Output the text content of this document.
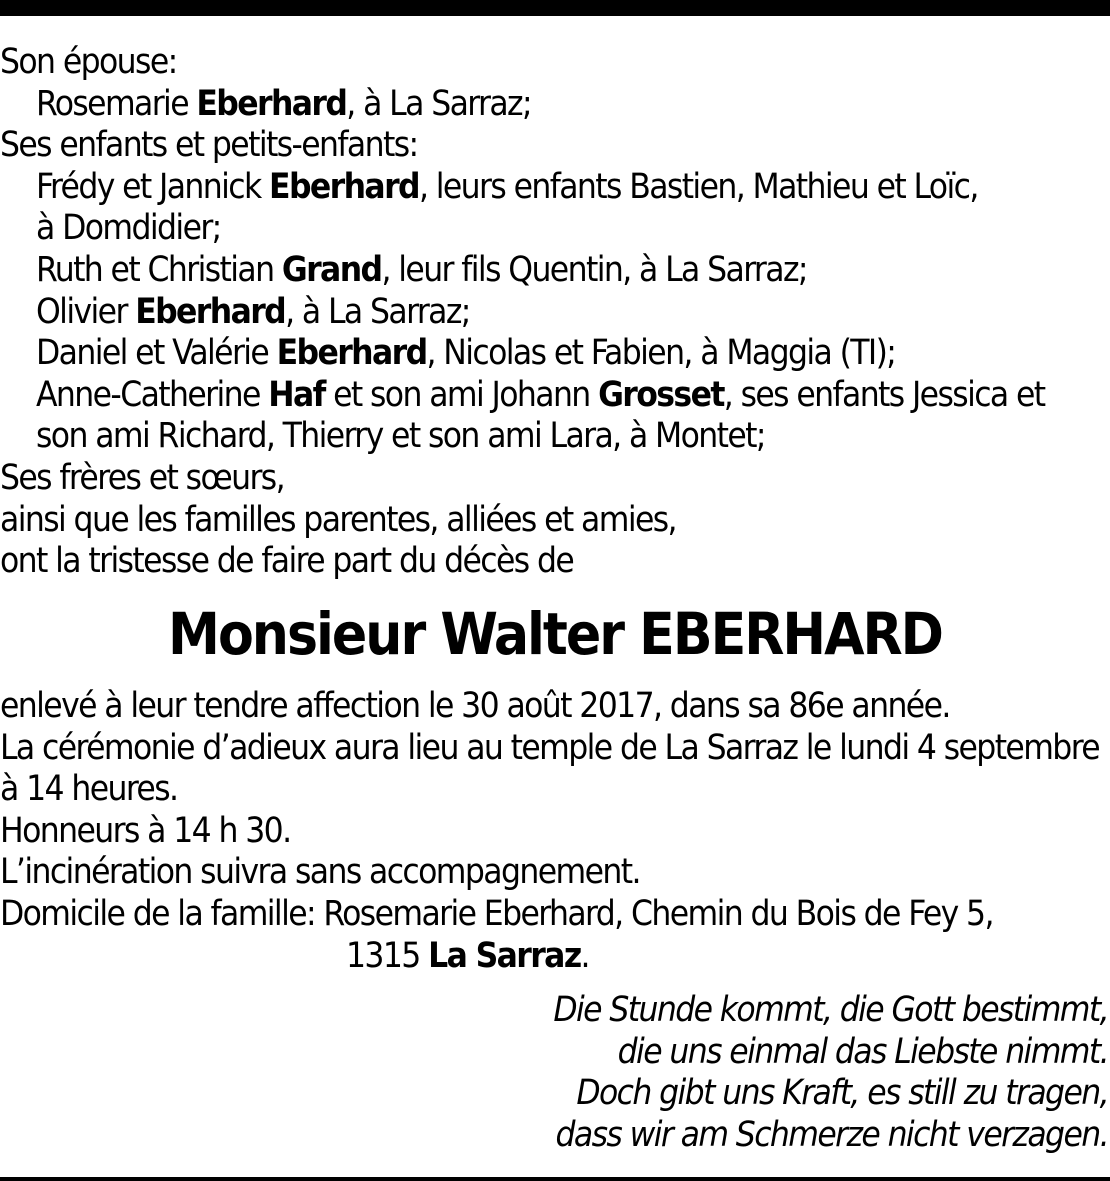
Son épouse:

Rosemarie Eberhard, à La Sarraz;

Ses enfants et petits-enfants:

Frédy et Jannick Eberhard, leurs enfants Bastien, Mathieu et Loïc,

à Domdidier;

Ruth et Christian Grand, leur fils Quentin, à La Sarraz;

Olivier Eberhard, à La Sarraz;

Daniel et Valérie Eberhard, Nicolas et Fabien, à Maggia (TI);

Anne-Catherine Haf et son ami Johann Grosset, ses enfants Jessica et

son ami Richard, Thierry et son ami Lara, à Montet;

Ses frères et sœurs,

ainsi que les familles parentes, alliées et amies,

ont la tristesse de faire part du décès de

Monsieur Walter EBERHARD

enlevé à leur tendre affection le 30 août 2017, dans sa 86e année.

La cérémonie d’adieux aura lieu au temple de La Sarraz le lundi 4 septembre

à 14 heures.

Honneurs à 14 h 30.

L’incinération suivra sans accompagnement.

Domicile de la famille: Rosemarie Eberhard, Chemin du Bois de Fey 5,

1315 La Sarraz.

Die Stunde kommt, die Gott bestimmt,

die uns einmal das Liebste nimmt.

Doch gibt uns Kraft, es still zu tragen,

dass wir am Schmerze nicht verzagen.
